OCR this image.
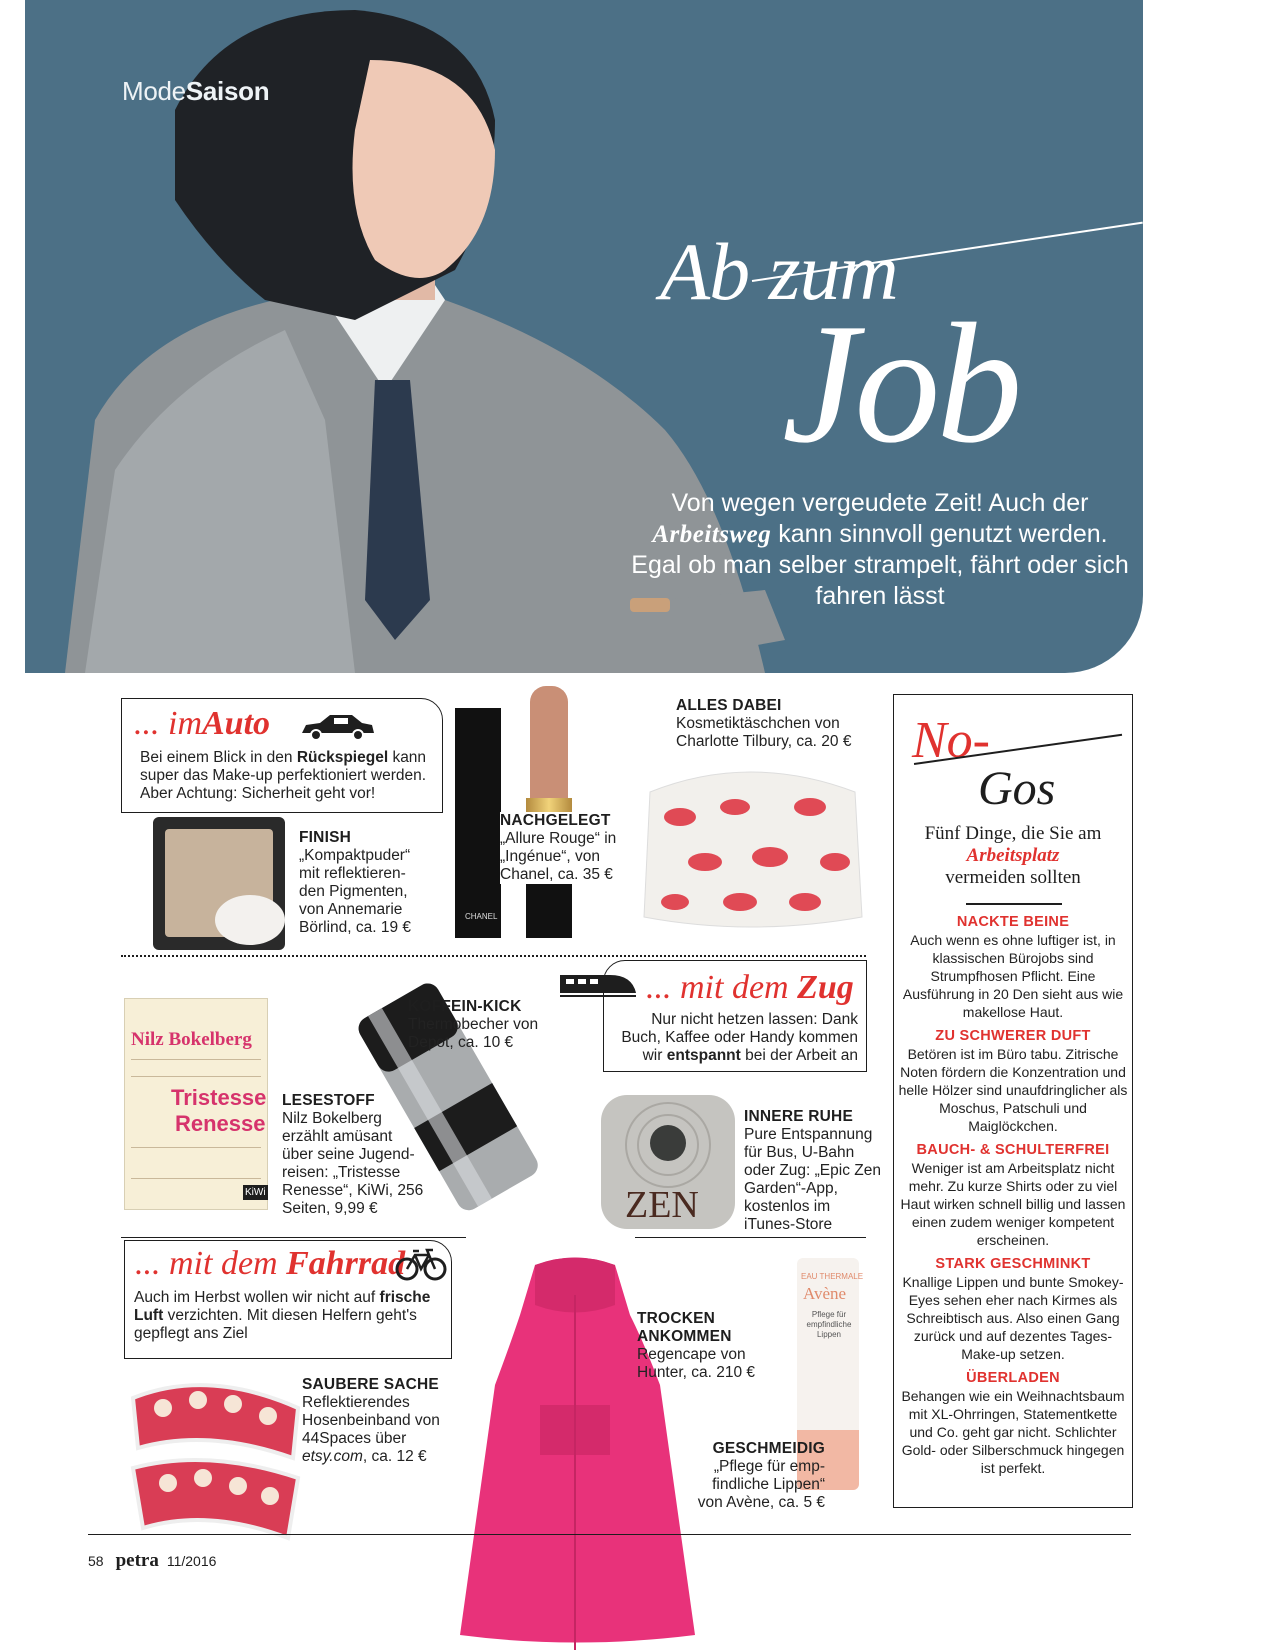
ModeSaison
Ab zum
Job
Von wegen vergeudete Zeit! Auch der Arbeitsweg kann sinnvoll genutzt werden. Egal ob man selber strampelt, fährt oder sich fahren lässt
... imAuto
Bei einem Blick in den Rückspiegel kann super das Make-up perfektioniert werden. Aber Achtung: Sicherheit geht vor!
FINISH

„Kompaktpuder“ mit reflektieren-den Pigmenten, von Annemarie Börlind, ca. 19 €

CHANEL
NACHGELEGT

„Allure Rouge“ in „Ingénue“, von Chanel, ca. 35 €

ALLES DABEI

Kosmetiktäschchen von Charlotte Tilbury, ca. 20 €

... mit dem Zug
Nur nicht hetzen lassen: Dank Buch, Kaffee oder Handy kommen wir entspannt bei der Arbeit an
Nilz Bokelberg
Tristesse
Renesse
KiWi
LESESTOFF

Nilz Bokelberg erzählt amüsant über seine Jugend-reisen: „Tristesse Renesse“, KiWi, 256 Seiten, 9,99 €

KOFFEIN-KICK

Thermobecher von Depot, ca. 10 €

ZEN
INNERE RUHE

Pure Entspannung für Bus, U-Bahn oder Zug: „Epic Zen Garden“-App, kostenlos im iTunes-Store

... mit dem Fahrrad
Auch im Herbst wollen wir nicht auf frische Luft verzichten. Mit diesen Helfern geht's gepflegt ans Ziel
SAUBERE SACHE

Reflektierendes Hosenbeinband von 44Spaces über etsy.com, ca. 12 €

TROCKEN ANKOMMEN

Regencape von Hunter, ca. 210 €

EAU THERMALE
Avène
Pflege für empfindliche Lippen
GESCHMEIDIG

„Pflege für emp-findliche Lippen“ von Avène, ca. 5 €

No-
Gos
Fünf Dinge, die Sie am
Arbeitsplatz
vermeiden sollten
NACKTE BEINE

Auch wenn es ohne luftiger ist, in klassischen Bürojobs sind Strumpfhosen Pflicht. Eine Ausführung in 20 Den sieht aus wie makellose Haut.

ZU SCHWERER DUFT

Betören ist im Büro tabu. Zitrische Noten fördern die Konzentration und helle Hölzer sind unaufdringlicher als Moschus, Patschuli und Maiglöckchen.

BAUCH- & SCHULTERFREI

Weniger ist am Arbeitsplatz nicht mehr. Zu kurze Shirts oder zu viel Haut wirken schnell billig und lassen einen zudem weniger kompetent erscheinen.

STARK GESCHMINKT

Knallige Lippen und bunte Smokey-Eyes sehen eher nach Kirmes als Schreibtisch aus. Also einen Gang zurück und auf dezentes Tages-Make-up setzen.

ÜBERLADEN

Behangen wie ein Weihnachtsbaum mit XL-Ohrringen, Statementkette und Co. geht gar nicht. Schlichter Gold- oder Silberschmuck hingegen ist perfekt.

58 petra 11/2016
